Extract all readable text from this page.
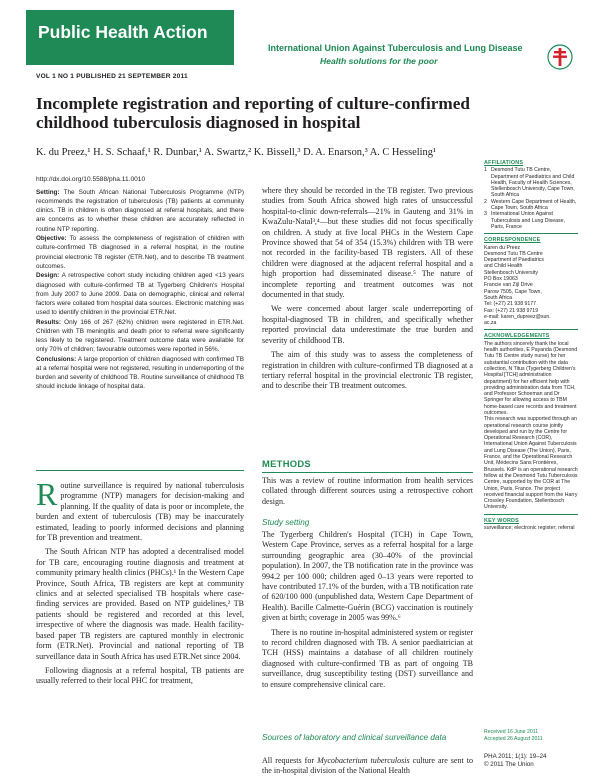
Public Health Action
International Union Against Tuberculosis and Lung Disease
Health solutions for the poor
VOL 1 NO 1 PUBLISHED 21 SEPTEMBER 2011
Incomplete registration and reporting of culture-confirmed childhood tuberculosis diagnosed in hospital
K. du Preez,¹ H. S. Schaaf,¹ R. Dunbar,¹ A. Swartz,² K. Bissell,³ D. A. Enarson,³ A. C Hesseling¹
http://dx.doi.org/10.5588/pha.11.0010

Setting: The South African National Tuberculosis Programme (NTP) recommends the registration of tuberculosis (TB) patients at community clinics. TB in children is often diagnosed at referral hospitals, and there are concerns as to whether these children are accurately reflected in routine NTP reporting.

Objective: To assess the completeness of registration of children with culture-confirmed TB diagnosed in a referral hospital, in the routine provincial electronic TB register (ETR.Net), and to describe TB treatment outcomes.

Design: A retrospective cohort study including children aged <13 years diagnosed with culture-confirmed TB at Tygerberg Children's Hospital from July 2007 to June 2009. Data on demographic, clinical and referral factors were collated from hospital data sources. Electronic matching was used to identify children in the provincial ETR.Net.

Results: Only 166 of 267 (62%) children were registered in ETR.Net. Children with TB meningitis and death prior to referral were significantly less likely to be registered. Treatment outcome data were available for only 70% of children; favourable outcomes were reported in 56%.

Conclusions: A large proportion of children diagnosed with confirmed TB at a referral hospital were not registered, resulting in underreporting of the burden and severity of childhood TB. Routine surveillance of childhood TB should include linkage of hospital data.

Routine surveillance is required by national tuberculosis programme (NTP) managers for decision-making and planning. If the quality of data is poor or incomplete, the burden and extent of tuberculosis (TB) may be inaccurately estimated, leading to poorly informed decisions and planning for TB prevention and treatment.

The South African NTP has adopted a decentralised model for TB care, encouraging routine diagnosis and treatment at community primary health clinics (PHCs).¹ In the Western Cape Province, South Africa, TB registers are kept at community clinics and at selected specialised TB hospitals where case-finding services are provided. Based on NTP guidelines,² TB patients should be registered and recorded at this level, irrespective of where the diagnosis was made. Health facility-based paper TB registers are captured monthly in electronic form (ETR.Net). Provincial and national reporting of TB surveillance data in South Africa has used ETR.Net since 2004.

Following diagnosis at a referral hospital, TB patients are usually referred to their local PHC for treatment,

where they should be recorded in the TB register. Two previous studies from South Africa showed high rates of unsuccessful hospital-to-clinic down-referrals—21% in Gauteng and 31% in KwaZulu-Natal³,⁴—but these studies did not focus specifically on children. A study at five local PHCs in the Western Cape Province showed that 54 of 354 (15.3%) children with TB were not recorded in the facility-based TB registers. All of these children were diagnosed at the adjacent referral hospital and a high proportion had disseminated disease.⁵ The nature of incomplete reporting and treatment outcomes was not documented in that study.

We were concerned about larger scale underreporting of hospital-diagnosed TB in children, and specifically whether reported provincial data underestimate the true burden and severity of childhood TB.

The aim of this study was to assess the completeness of registration in children with culture-confirmed TB diagnosed at a tertiary referral hospital in the provincial electronic TB register, and to describe their TB treatment outcomes.

METHODS

This was a review of routine information from health services collated through different sources using a retrospective cohort design.

Study setting

The Tygerberg Children's Hospital (TCH) in Cape Town, Western Cape Province, serves as a referral hospital for a large surrounding geographic area (30–40% of the provincial population). In 2007, the TB notification rate in the province was 994.2 per 100 000; children aged 0–13 years were reported to have contributed 17.1% of the burden, with a TB notification rate of 620/100 000 (unpublished data, Western Cape Department of Health). Bacille Calmette-Guérin (BCG) vaccination is routinely given at birth; coverage in 2005 was 99%.⁶

There is no routine in-hospital administered system or register to record children diagnosed with TB. A senior paediatrician at TCH (HSS) maintains a database of all children routinely diagnosed with culture-confirmed TB as part of ongoing TB surveillance, drug susceptibility testing (DST) surveillance and to ensure comprehensive clinical care.

Sources of laboratory and clinical surveillance data

All requests for Mycobacterium tuberculosis culture are sent to the in-hospital division of the National Health

AFFILIATIONS
1 Desmond Tutu TB Centre, Department of Paediatrics and Child Health, Faculty of Health Sciences, Stellenbosch University, Cape Town, South Africa
2 Western Cape Department of Health, Cape Town, South Africa
3 International Union Against Tuberculosis and Lung Disease, Paris, France
CORRESPONDENCE

Karen du Preez

Desmond Tutu TB Centre

Department of Paediatrics

and Child Health

Stellenbosch University

PO Box 19063

Francie van Zijl Drive

Parow 7505, Cape Town,

South Africa

Tel: (+27) 21 938 9177

Fax: (+27) 21 938 9719

e-mail: karen_dupreez@sun.

ac.za

ACKNOWLEDGEMENTS

The authors sincerely thank the local health authorities, E Payanda (Desmond Tutu TB Centre study nurse) for her substantial contribution with the data collection, N Titus (Tygerberg Children's Hospital [TCH] administration department) for her efficient help with providing administration data from TCH, and Professor Schoeman and Dr Springer for allowing access to TBM home-based care records and treatment outcomes.

This research was supported through an operational research course jointly developed and run by the Centre for Operational Research (COR), International Union Against Tuberculosis and Lung Disease (The Union), Paris, France, and the Operational Research Unit, Médecins Sans Frontières, Brussels. KdP is an operational research fellow at the Desmond Tutu Tuberculosis Centre, supported by the COR at The Union, Paris, France. The project received financial support from the Harry Crossley Foundation, Stellenbosch University.

KEY WORDS

surveillance; electronic register; referral

Received 16 June 2011
Accepted 26 August 2011
PHA 2011; 1(1): 19–24
© 2011 The Union
